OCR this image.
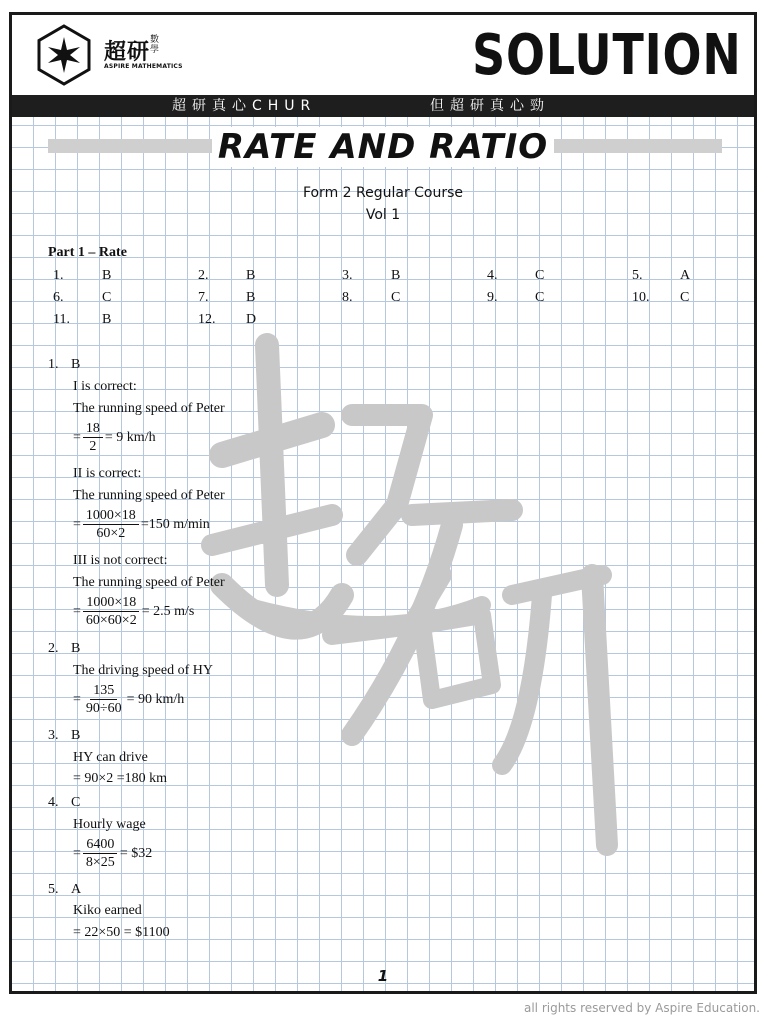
超研 數學
ASPIRE MATHEMATICS	SOLUTION
超研真心CHUR	但超研真心勁
RATE AND RATIO
Form 2 Regular Course
Vol 1
Part 1 – Rate
1.	B	2.	B	3.	B	4.	C	5.	A
6.	C	7.	B	8.	C	9.	C	10. C
11. B	12. D
1. B
I is correct:
The running speed of Peter
= $\frac{18}{2} = 9$ km/h
II is correct:
The running speed of Peter
= $\frac{1000\times 18}{60\times 2} =150$ m/min
III is not correct:
The running speed of Peter
= $\frac{1000\times 18}{60\times 60\times 2} = 2.5$ m/s
2. B
The driving speed of HY
= $\frac{135}{90\div 60} = 90$ km/h
3. B
HY can drive
= 90×2 =180 km
4. C
Hourly wage
= $\frac{6400}{8\times 25}$ = $32
5. A
Kiko earned
= 22×50 = $1100
1
all rights reserved by Aspire Education.
